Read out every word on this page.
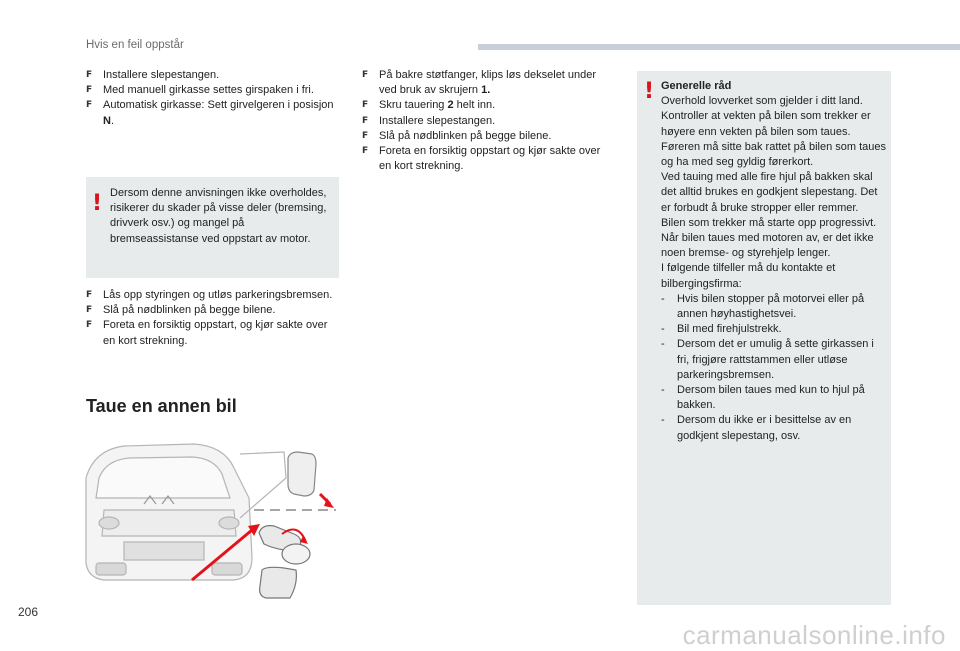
Hvis en feil oppstår
F Installere slepestangen.
F Med manuell girkasse settes girspaken i fri.
F Automatisk girkasse: Sett girvelgeren i posisjon N.
! Dersom denne anvisningen ikke overholdes, risikerer du skader på visse deler (bremsing, drivverk osv.) og mangel på bremseassistanse ved oppstart av motor.
F Lås opp styringen og utløs parkeringsbremsen.
F Slå på nødblinken på begge bilene.
F Foreta en forsiktig oppstart, og kjør sakte over en kort strekning.
Taue en annen bil
F På bakre støtfanger, klips løs dekselet under ved bruk av skrujern 1.
F Skru tauering 2 helt inn.
F Installere slepestangen.
F Slå på nødblinken på begge bilene.
F Foreta en forsiktig oppstart og kjør sakte over en kort strekning.
! Generelle råd
Overhold lovverket som gjelder i ditt land.
Kontroller at vekten på bilen som trekker er høyere enn vekten på bilen som taues.
Føreren må sitte bak rattet på bilen som taues og ha med seg gyldig førerkort.
Ved tauing med alle fire hjul på bakken skal det alltid brukes en godkjent slepestang. Det er forbudt å bruke stropper eller remmer.
Bilen som trekker må starte opp progressivt.
Når bilen taues med motoren av, er det ikke noen bremse- og styrehjelp lenger.
I følgende tilfeller må du kontakte et bilbergingsfirma:
- Hvis bilen stopper på motorvei eller på annen høyhastighetsvei.
- Bil med firehjulstrekk.
- Dersom det er umulig å sette girkassen i fri, frigjøre rattstammen eller utløse parkeringsbremsen.
- Dersom bilen taues med kun to hjul på bakken.
- Dersom du ikke er i besittelse av en godkjent slepestang, osv.
206
carmanualsonline.info
